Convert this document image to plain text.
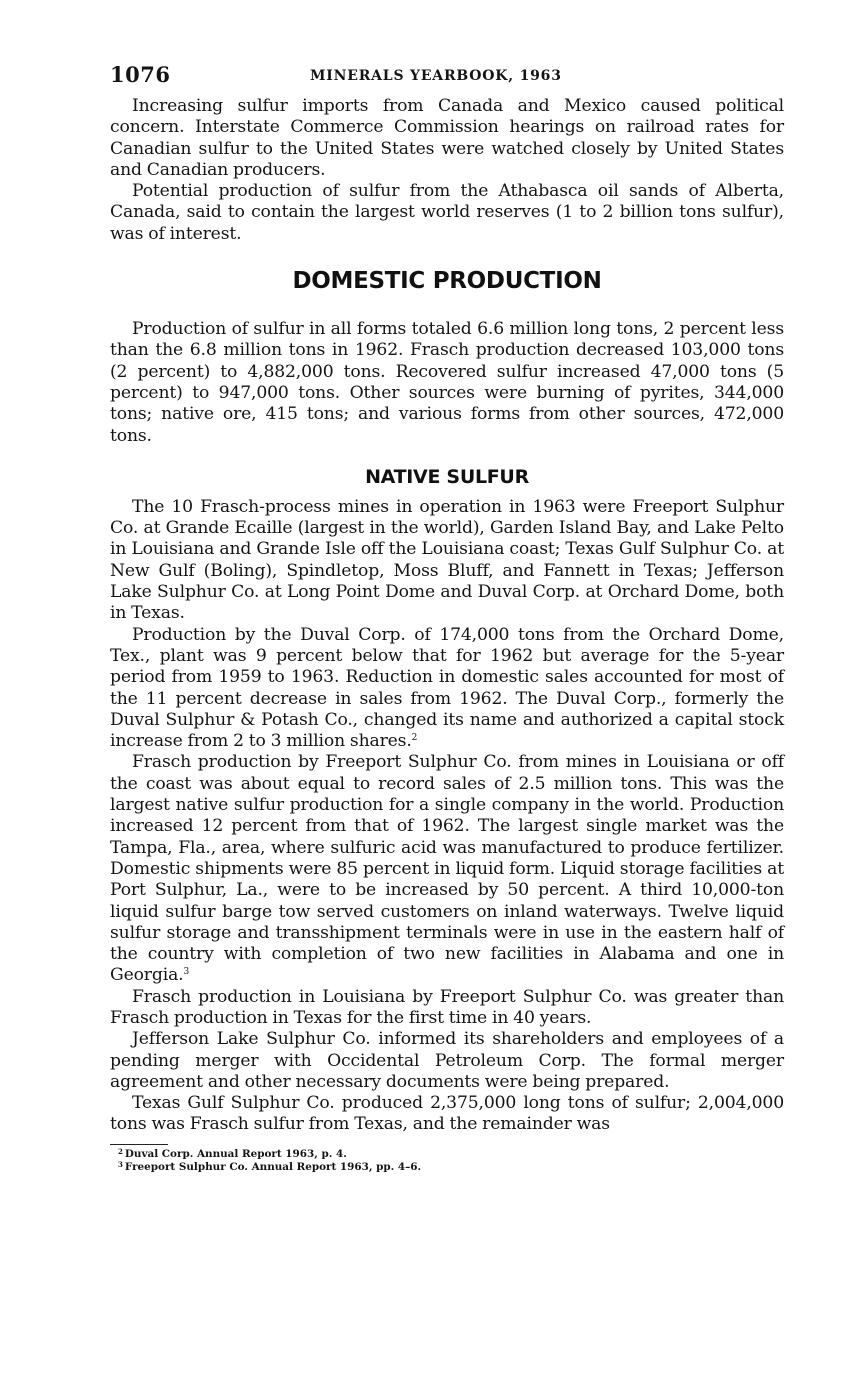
1076	MINERALS YEARBOOK, 1963

Increasing sulfur imports from Canada and Mexico caused political concern. Interstate Commerce Commission hearings on railroad rates for Canadian sulfur to the United States were watched closely by United States and Canadian producers.

Potential production of sulfur from the Athabasca oil sands of Alberta, Canada, said to contain the largest world reserves (1 to 2 billion tons sulfur), was of interest.

DOMESTIC PRODUCTION

Production of sulfur in all forms totaled 6.6 million long tons, 2 percent less than the 6.8 million tons in 1962. Frasch production decreased 103,000 tons (2 percent) to 4,882,000 tons. Recovered sulfur increased 47,000 tons (5 percent) to 947,000 tons. Other sources were burning of pyrites, 344,000 tons; native ore, 415 tons; and various forms from other sources, 472,000 tons.

NATIVE SULFUR

The 10 Frasch-process mines in operation in 1963 were Freeport Sulphur Co. at Grande Ecaille (largest in the world), Garden Island Bay, and Lake Pelto in Louisiana and Grande Isle off the Louisiana coast; Texas Gulf Sulphur Co. at New Gulf (Boling), Spindletop, Moss Bluff, and Fannett in Texas; Jefferson Lake Sulphur Co. at Long Point Dome and Duval Corp. at Orchard Dome, both in Texas.

Production by the Duval Corp. of 174,000 tons from the Orchard Dome, Tex., plant was 9 percent below that for 1962 but average for the 5-year period from 1959 to 1963. Reduction in domestic sales accounted for most of the 11 percent decrease in sales from 1962. The Duval Corp., formerly the Duval Sulphur & Potash Co., changed its name and authorized a capital stock increase from 2 to 3 million shares.$^2$

Frasch production by Freeport Sulphur Co. from mines in Louisiana or off the coast was about equal to record sales of 2.5 million tons. This was the largest native sulfur production for a single company in the world. Production increased 12 percent from that of 1962. The largest single market was the Tampa, Fla., area, where sulfuric acid was manufactured to produce fertilizer. Domestic shipments were 85 percent in liquid form. Liquid storage facilities at Port Sulphur, La., were to be increased by 50 percent. A third 10,000-ton liquid sulfur barge tow served customers on inland waterways. Twelve liquid sulfur storage and transshipment terminals were in use in the eastern half of the country with completion of two new facilities in Alabama and one in Georgia.$^3$

Frasch production in Louisiana by Freeport Sulphur Co. was greater than Frasch production in Texas for the first time in 40 years.

Jefferson Lake Sulphur Co. informed its shareholders and employees of a pending merger with Occidental Petroleum Corp. The formal merger agreement and other necessary documents were being prepared.

Texas Gulf Sulphur Co. produced 2,375,000 long tons of sulfur; 2,004,000 tons was Frasch sulfur from Texas, and the remainder was

$^2$ Duval Corp. Annual Report 1963, p. 4.
$^3$ Freeport Sulphur Co. Annual Report 1963, pp. 4–6.
